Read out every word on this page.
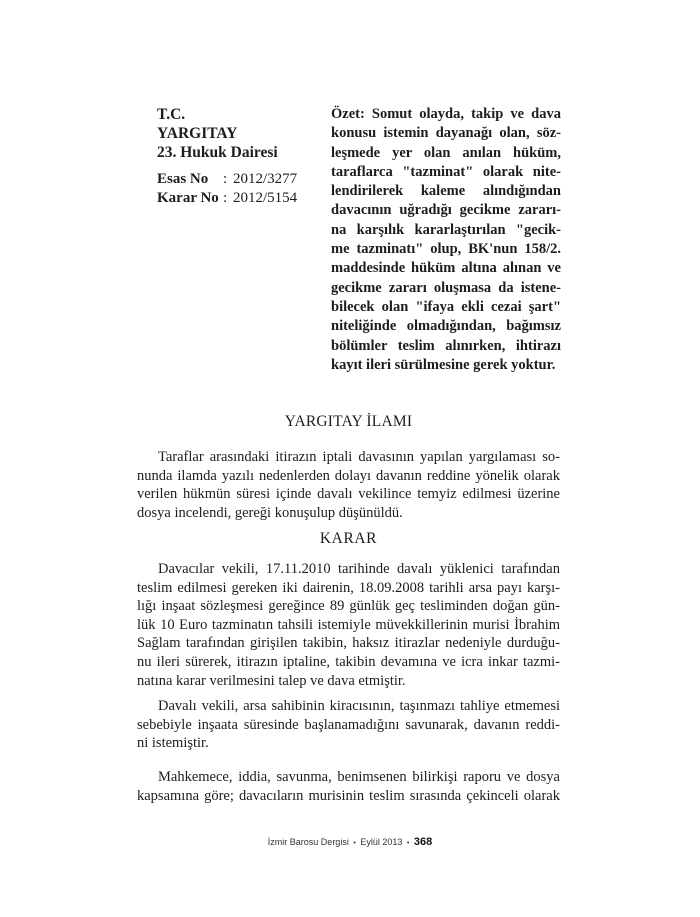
T.C.
YARGITAY
23. Hukuk Dairesi
Esas No : 2012/3277
Karar No : 2012/5154
Özet: Somut olayda, takip ve dava
konusu istemin dayanağı olan, söz-
leşmede yer olan anılan hüküm,
taraflarca "tazminat" olarak nite-
lendirilerek kaleme alındığından
davacının uğradığı gecikme zararı-
na karşılık kararlaştırılan "gecik-
me tazminatı" olup, BK'nun 158/2.
maddesinde hüküm altına alınan ve
gecikme zararı oluşmasa da istene-
bilecek olan "ifaya ekli cezai şart"
niteliğinde olmadığından, bağımsız
bölümler teslim alınırken, ihtirazı
kayıt ileri sürülmesine gerek yoktur.
YARGITAY İLAMI
Taraflar arasındaki itirazın iptali davasının yapılan yargılaması so-
nunda ilamda yazılı nedenlerden dolayı davanın reddine yönelik olarak
verilen hükmün süresi içinde davalı vekilince temyiz edilmesi üzerine
dosya incelendi, gereği konuşulup düşünüldü.
KARAR
Davacılar vekili, 17.11.2010 tarihinde davalı yüklenici tarafından
teslim edilmesi gereken iki dairenin, 18.09.2008 tarihli arsa payı karşı-
lığı inşaat sözleşmesi gereğince 89 günlük geç tesliminden doğan gün-
lük 10 Euro tazminatın tahsili istemiyle müvekkillerinin murisi İbrahim
Sağlam tarafından girişilen takibin, haksız itirazlar nedeniyle durduğu-
nu ileri sürerek, itirazın iptaline, takibin devamına ve icra inkar tazmi-
natına karar verilmesini talep ve dava etmiştir.
Davalı vekili, arsa sahibinin kiracısının, taşınmazı tahliye etmemesi
sebebiyle inşaata süresinde başlanamadığını savunarak, davanın reddi-
ni istemiştir.
Mahkemece, iddia, savunma, benimsenen bilirkişi raporu ve dosya
kapsamına göre; davacıların murisinin teslim sırasında çekinceli olarak
İzmir Barosu Dergisi • Eylül 2013 • 368
